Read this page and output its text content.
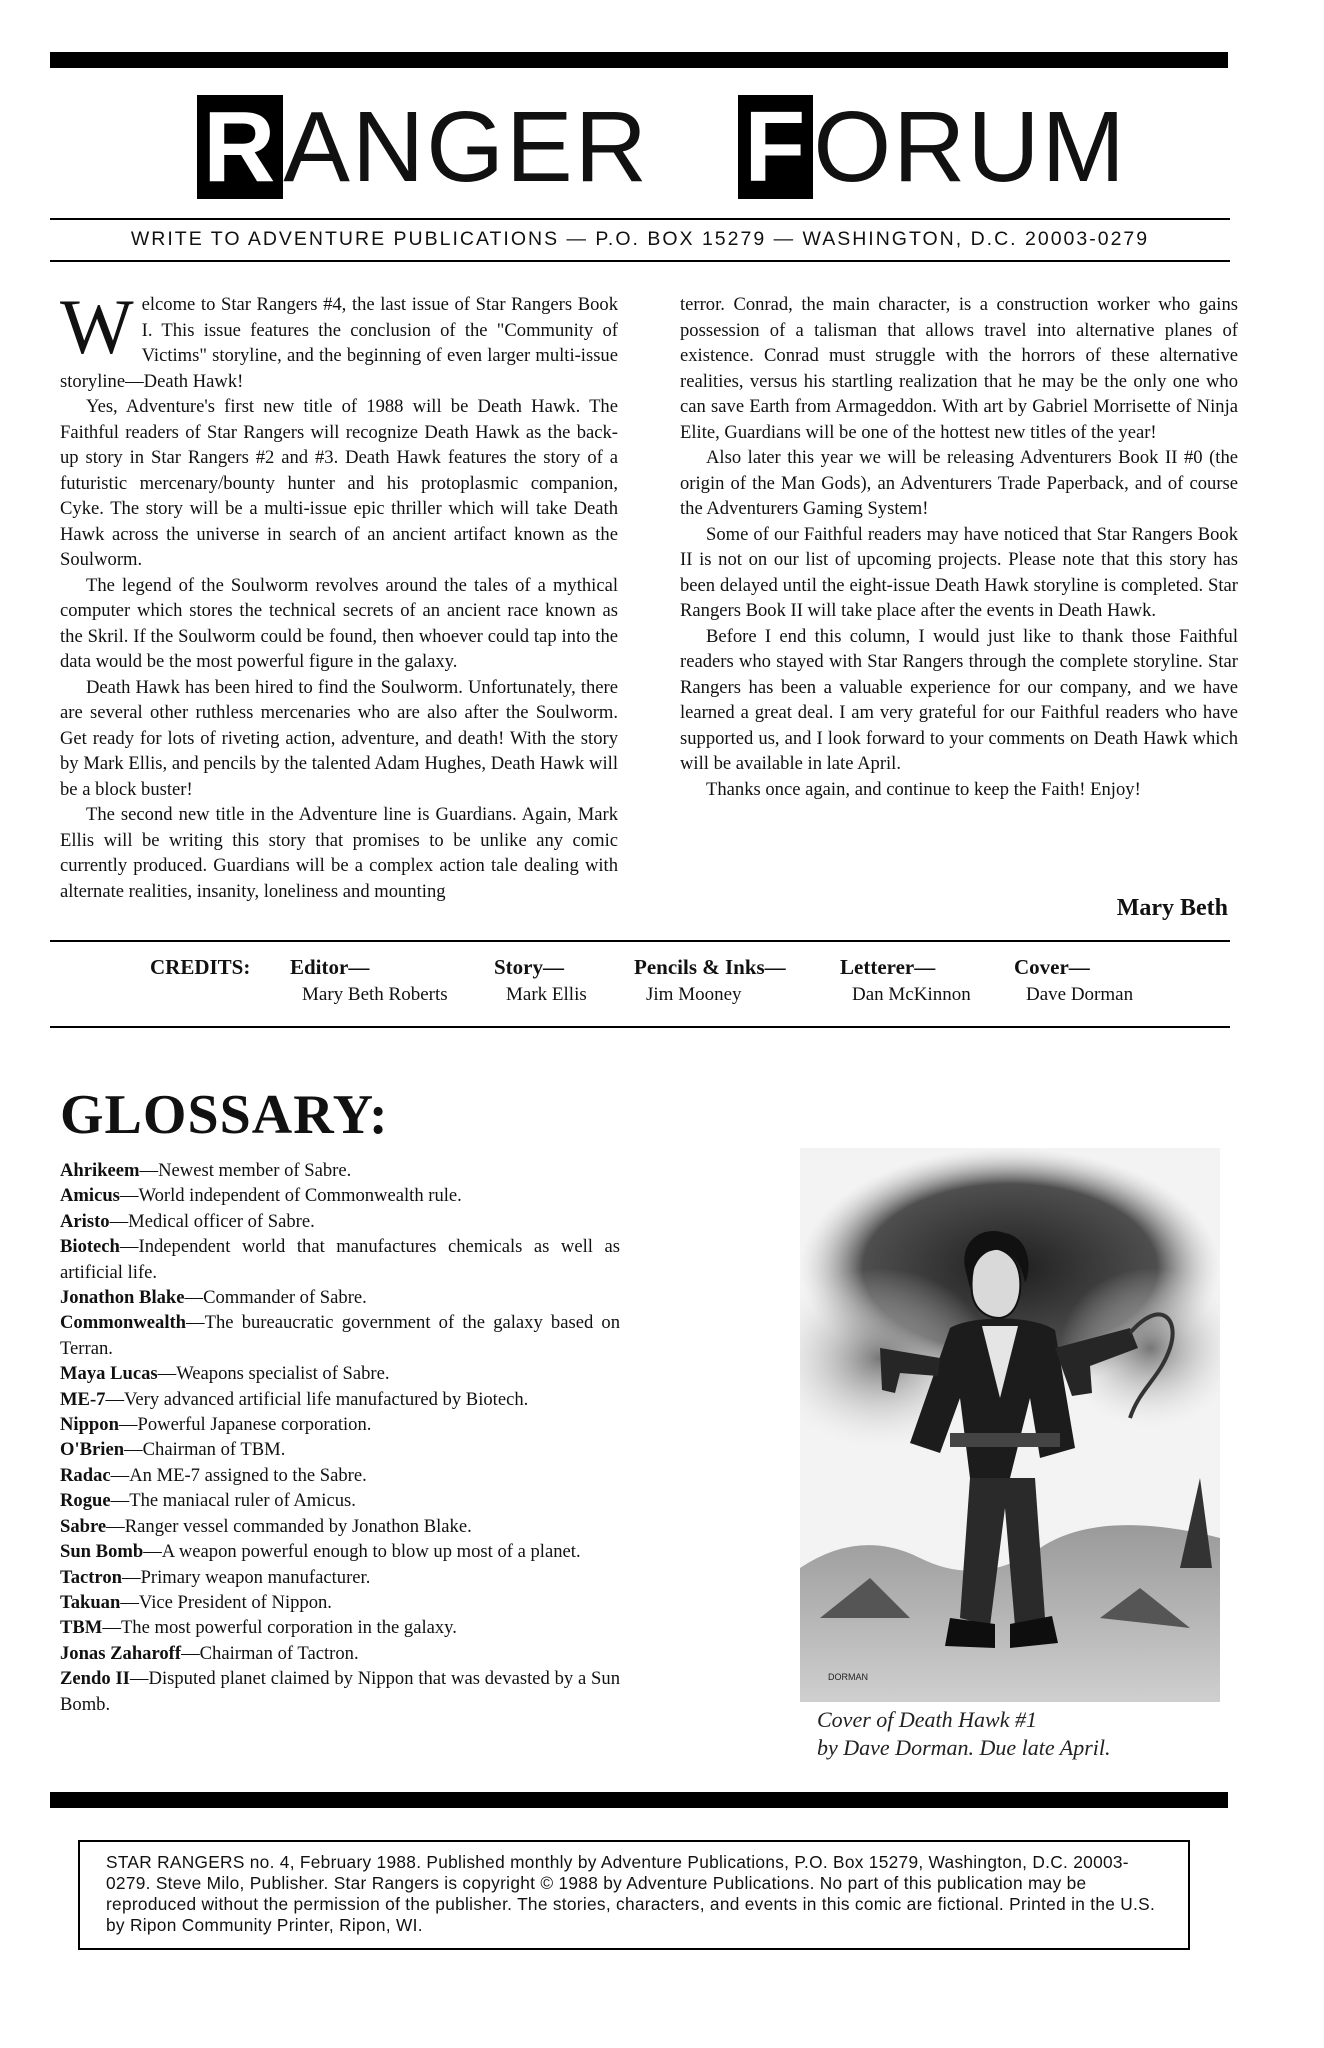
RANGER FORUM
WRITE TO ADVENTURE PUBLICATIONS — P.O. BOX 15279 — WASHINGTON, D.C. 20003-0279

Welcome to Star Rangers #4, the last issue of Star Rangers Book I. This issue features the conclusion of the "Community of Victims" storyline, and the beginning of even larger multi-issue storyline—Death Hawk!

Yes, Adventure's first new title of 1988 will be Death Hawk. The Faithful readers of Star Rangers will recognize Death Hawk as the back-up story in Star Rangers #2 and #3. Death Hawk features the story of a futuristic mercenary/bounty hunter and his protoplasmic companion, Cyke. The story will be a multi-issue epic thriller which will take Death Hawk across the universe in search of an ancient artifact known as the Soulworm.

The legend of the Soulworm revolves around the tales of a mythical computer which stores the technical secrets of an ancient race known as the Skril. If the Soulworm could be found, then whoever could tap into the data would be the most powerful figure in the galaxy.

Death Hawk has been hired to find the Soulworm. Unfortunately, there are several other ruthless mercenaries who are also after the Soulworm. Get ready for lots of riveting action, adventure, and death! With the story by Mark Ellis, and pencils by the talented Adam Hughes, Death Hawk will be a block buster!

The second new title in the Adventure line is Guardians. Again, Mark Ellis will be writing this story that promises to be unlike any comic currently produced. Guardians will be a complex action tale dealing with alternate realities, insanity, loneliness and mounting

terror. Conrad, the main character, is a construction worker who gains possession of a talisman that allows travel into alternative planes of existence. Conrad must struggle with the horrors of these alternative realities, versus his startling realization that he may be the only one who can save Earth from Armageddon. With art by Gabriel Morrisette of Ninja Elite, Guardians will be one of the hottest new titles of the year!

Also later this year we will be releasing Adventurers Book II #0 (the origin of the Man Gods), an Adventurers Trade Paperback, and of course the Adventurers Gaming System!

Some of our Faithful readers may have noticed that Star Rangers Book II is not on our list of upcoming projects. Please note that this story has been delayed until the eight-issue Death Hawk storyline is completed. Star Rangers Book II will take place after the events in Death Hawk.

Before I end this column, I would just like to thank those Faithful readers who stayed with Star Rangers through the complete storyline. Star Rangers has been a valuable experience for our company, and we have learned a great deal. I am very grateful for our Faithful readers who have supported us, and I look forward to your comments on Death Hawk which will be available in late April.

Thanks once again, and continue to keep the Faith! Enjoy!

Mary Beth
CREDITS: Editor—
Mary Beth Roberts
Story—
Mark Ellis
Pencils & Inks—
Jim Mooney
Letterer—
Dan McKinnon
Cover—
Dave Dorman
GLOSSARY:

Ahrikeem—Newest member of Sabre.

Amicus—World independent of Commonwealth rule.

Aristo—Medical officer of Sabre.

Biotech—Independent world that manufactures chemicals as well as artificial life.

Jonathon Blake—Commander of Sabre.

Commonwealth—The bureaucratic government of the galaxy based on Terran.

Maya Lucas—Weapons specialist of Sabre.

ME-7—Very advanced artificial life manufactured by Biotech.

Nippon—Powerful Japanese corporation.

O'Brien—Chairman of TBM.

Radac—An ME-7 assigned to the Sabre.

Rogue—The maniacal ruler of Amicus.

Sabre—Ranger vessel commanded by Jonathon Blake.

Sun Bomb—A weapon powerful enough to blow up most of a planet.

Tactron—Primary weapon manufacturer.

Takuan—Vice President of Nippon.

TBM—The most powerful corporation in the galaxy.

Jonas Zaharoff—Chairman of Tactron.

Zendo II—Disputed planet claimed by Nippon that was devasted by a Sun Bomb.

DORMAN
Cover of Death Hawk #1
by Dave Dorman. Due late April.
STAR RANGERS no. 4, February 1988. Published monthly by Adventure Publications, P.O. Box 15279, Washington, D.C. 20003-0279. Steve Milo, Publisher. Star Rangers is copyright © 1988 by Adventure Publications. No part of this publication may be reproduced without the permission of the publisher. The stories, characters, and events in this comic are fictional. Printed in the U.S. by Ripon Community Printer, Ripon, WI.
